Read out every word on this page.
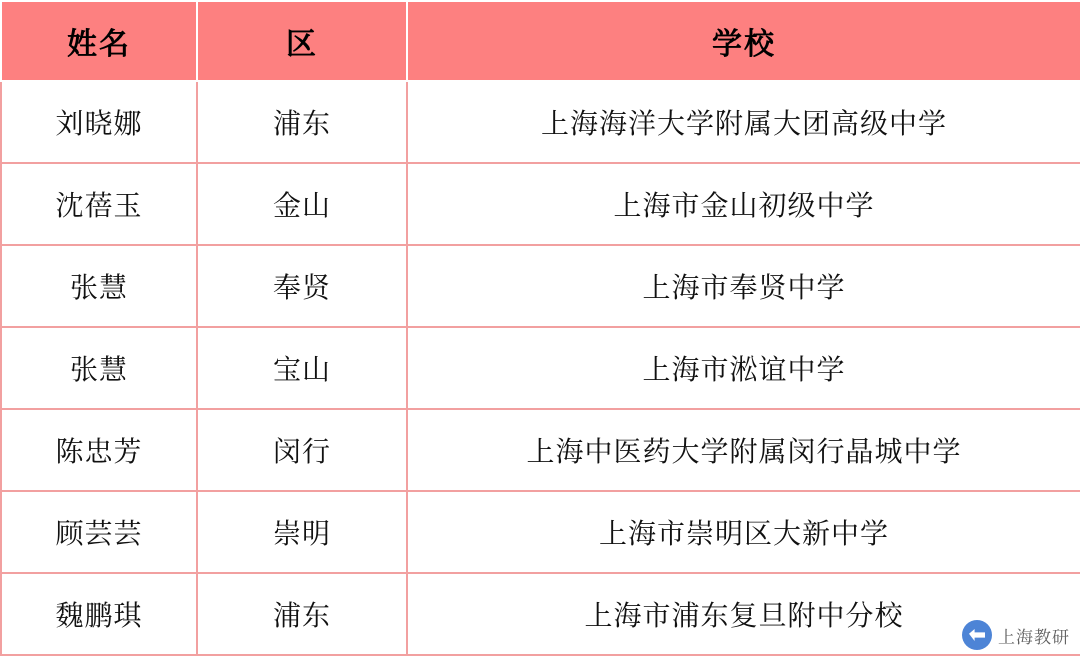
姓名	区	学校
刘晓娜	浦东	上海海洋大学附属大团高级中学
沈蓓玉	金山	上海市金山初级中学
张慧	奉贤	上海市奉贤中学
张慧	宝山	上海市淞谊中学
陈忠芳	闵行	上海中医药大学附属闵行晶城中学
顾芸芸	崇明	上海市崇明区大新中学
魏鹏琪	浦东	上海市浦东复旦附中分校
上海教研
